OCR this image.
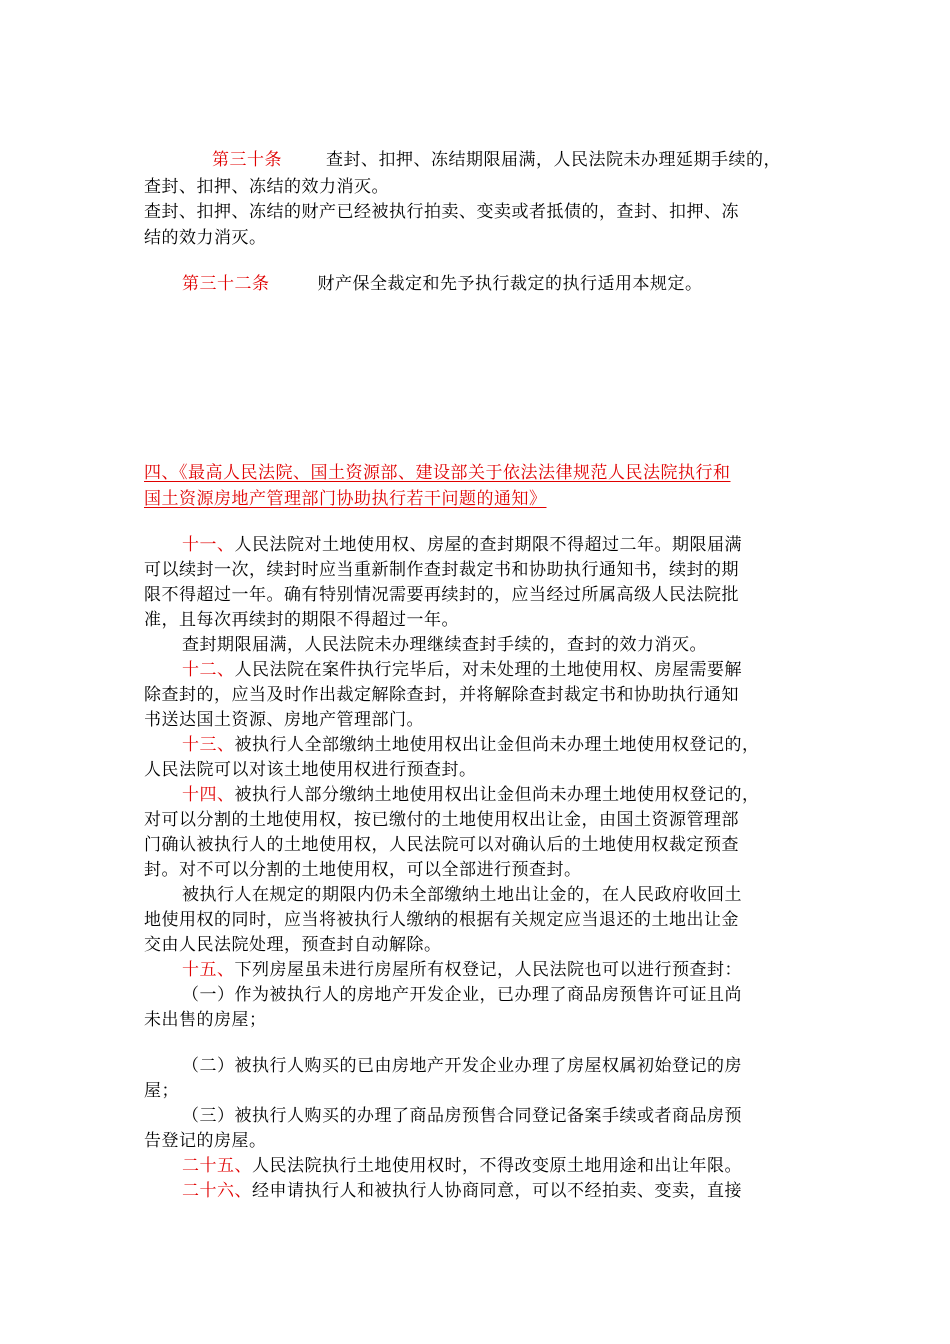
第三十条	查封、扣押、冻结期限届满，人民法院未办理延期手续的，
查封、扣押、冻结的效力消灭。
查封、扣押、冻结的财产已经被执行拍卖、变卖或者抵债的，查封、扣押、冻
结的效力消灭。
第三十二条	财产保全裁定和先予执行裁定的执行适用本规定。
四、《最高人民法院、国土资源部、建设部关于依法法律规范人民法院执行和
国土资源房地产管理部门协助执行若干问题的通知》
十一、人民法院对土地使用权、房屋的查封期限不得超过二年。期限届满
可以续封一次，续封时应当重新制作查封裁定书和协助执行通知书，续封的期
限不得超过一年。确有特别情况需要再续封的，应当经过所属高级人民法院批
准，且每次再续封的期限不得超过一年。
查封期限届满，人民法院未办理继续查封手续的，查封的效力消灭。
十二、人民法院在案件执行完毕后，对未处理的土地使用权、房屋需要解
除查封的，应当及时作出裁定解除查封，并将解除查封裁定书和协助执行通知
书送达国土资源、房地产管理部门。
十三、被执行人全部缴纳土地使用权出让金但尚未办理土地使用权登记的，
人民法院可以对该土地使用权进行预查封。
十四、被执行人部分缴纳土地使用权出让金但尚未办理土地使用权登记的，
对可以分割的土地使用权，按已缴付的土地使用权出让金，由国土资源管理部
门确认被执行人的土地使用权，人民法院可以对确认后的土地使用权裁定预查
封。对不可以分割的土地使用权，可以全部进行预查封。
被执行人在规定的期限内仍未全部缴纳土地出让金的，在人民政府收回土
地使用权的同时，应当将被执行人缴纳的根据有关规定应当退还的土地出让金
交由人民法院处理，预查封自动解除。
十五、下列房屋虽未进行房屋所有权登记，人民法院也可以进行预查封：
（一）作为被执行人的房地产开发企业，已办理了商品房预售许可证且尚
未出售的房屋；
（二）被执行人购买的已由房地产开发企业办理了房屋权属初始登记的房
屋；
（三）被执行人购买的办理了商品房预售合同登记备案手续或者商品房预
告登记的房屋。
二十五、人民法院执行土地使用权时，不得改变原土地用途和出让年限。
二十六、经申请执行人和被执行人协商同意，可以不经拍卖、变卖，直接
